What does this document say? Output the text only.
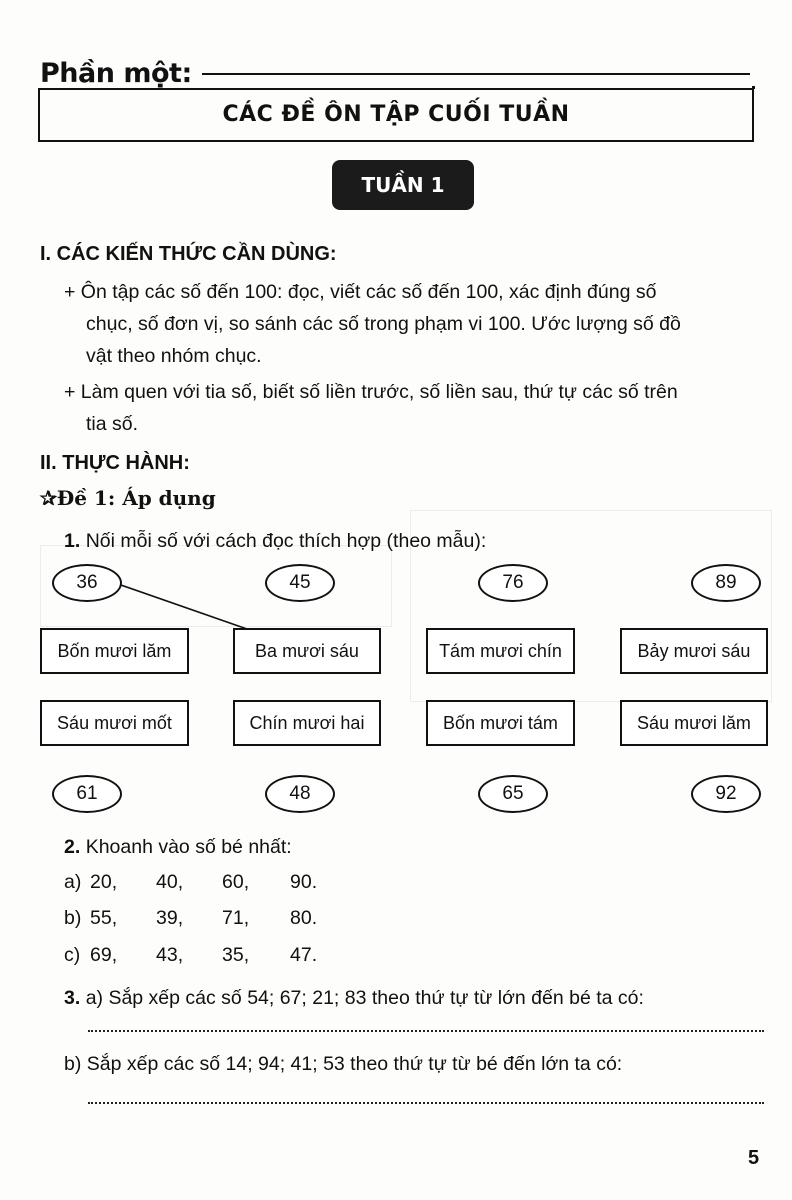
Phần một:
CÁC ĐỀ ÔN TẬP CUỐI TUẦN
TUẦN 1
I. CÁC KIẾN THỨC CẦN DÙNG:
+ Ôn tập các số đến 100: đọc, viết các số đến 100, xác định đúng số
chục, số đơn vị, so sánh các số trong phạm vi 100. Ước lượng số đồ
vật theo nhóm chục.
+ Làm quen với tia số, biết số liền trước, số liền sau, thứ tự các số trên
tia số.
II. THỰC HÀNH:
✰Đề 1: Áp dụng
1. Nối mỗi số với cách đọc thích hợp (theo mẫu):
36	45	76	89
Bốn mươi lăm	Ba mươi sáu	Tám mươi chín	Bảy mươi sáu
Sáu mươi mốt	Chín mươi hai	Bốn mươi tám	Sáu mươi lăm
61	48	65	92
2. Khoanh vào số bé nhất:
a) 20, 40, 60, 90.
b) 55, 39, 71, 80.
c) 69, 43, 35, 47.
3. a) Sắp xếp các số 54; 67; 21; 83 theo thứ tự từ lớn đến bé ta có:
b) Sắp xếp các số 14; 94; 41; 53 theo thứ tự từ bé đến lớn ta có:
5
